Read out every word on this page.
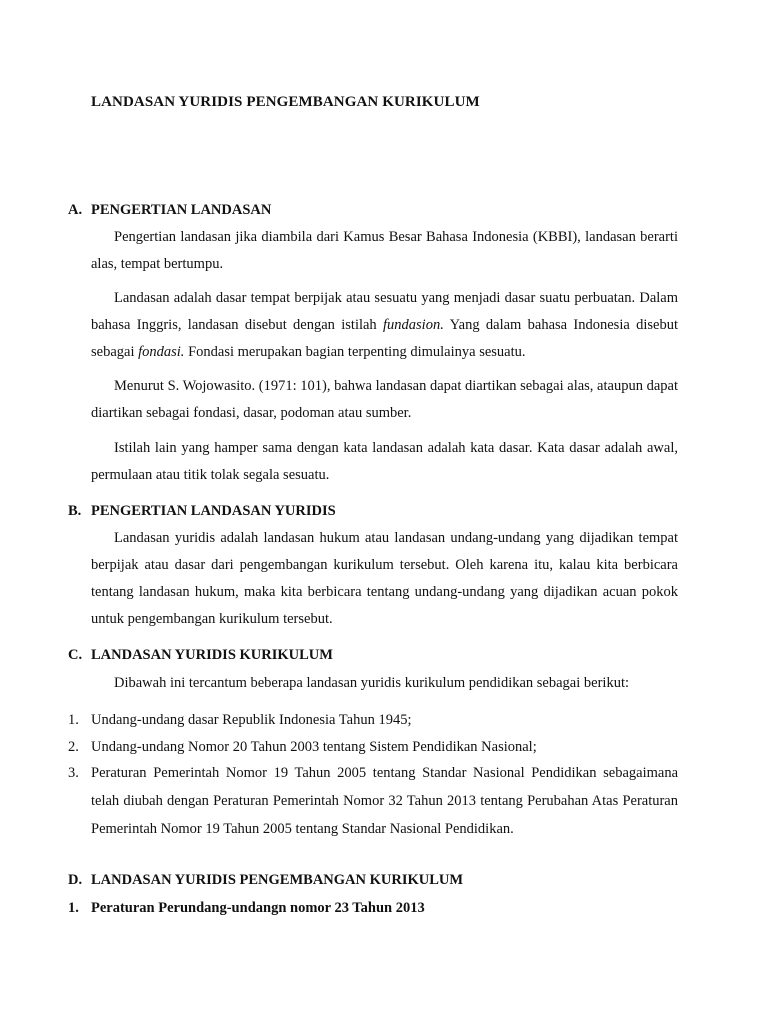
LANDASAN YURIDIS PENGEMBANGAN KURIKULUM
A. PENGERTIAN LANDASAN

Pengertian landasan jika diambila dari Kamus Besar Bahasa Indonesia (KBBI), landasan berarti alas, tempat bertumpu.

Landasan adalah dasar tempat berpijak atau sesuatu yang menjadi dasar suatu perbuatan. Dalam bahasa Inggris, landasan disebut dengan istilah fundasion. Yang dalam bahasa Indonesia disebut sebagai fondasi. Fondasi merupakan bagian terpenting dimulainya sesuatu.

Menurut S. Wojowasito. (1971: 101), bahwa landasan dapat diartikan sebagai alas, ataupun dapat diartikan sebagai fondasi, dasar, podoman atau sumber.

Istilah lain yang hamper sama dengan kata landasan adalah kata dasar. Kata dasar adalah awal, permulaan atau titik tolak segala sesuatu.

B. PENGERTIAN LANDASAN YURIDIS

Landasan yuridis adalah landasan hukum atau landasan undang-undang yang dijadikan tempat berpijak atau dasar dari pengembangan kurikulum tersebut. Oleh karena itu, kalau kita berbicara tentang landasan hukum, maka kita berbicara tentang undang-undang yang dijadikan acuan pokok untuk pengembangan kurikulum tersebut.

C. LANDASAN YURIDIS KURIKULUM

Dibawah ini tercantum beberapa landasan yuridis kurikulum pendidikan sebagai berikut:

1. Undang-undang dasar Republik Indonesia Tahun 1945;
2. Undang-undang Nomor 20 Tahun 2003 tentang Sistem Pendidikan Nasional;
3. Peraturan Pemerintah Nomor 19 Tahun 2005 tentang Standar Nasional Pendidikan sebagaimana telah diubah dengan Peraturan Pemerintah Nomor 32 Tahun 2013 tentang Perubahan Atas Peraturan Pemerintah Nomor 19 Tahun 2005 tentang Standar Nasional Pendidikan.
D. LANDASAN YURIDIS PENGEMBANGAN KURIKULUM
1. Peraturan Perundang-undangn nomor 23 Tahun 2013
